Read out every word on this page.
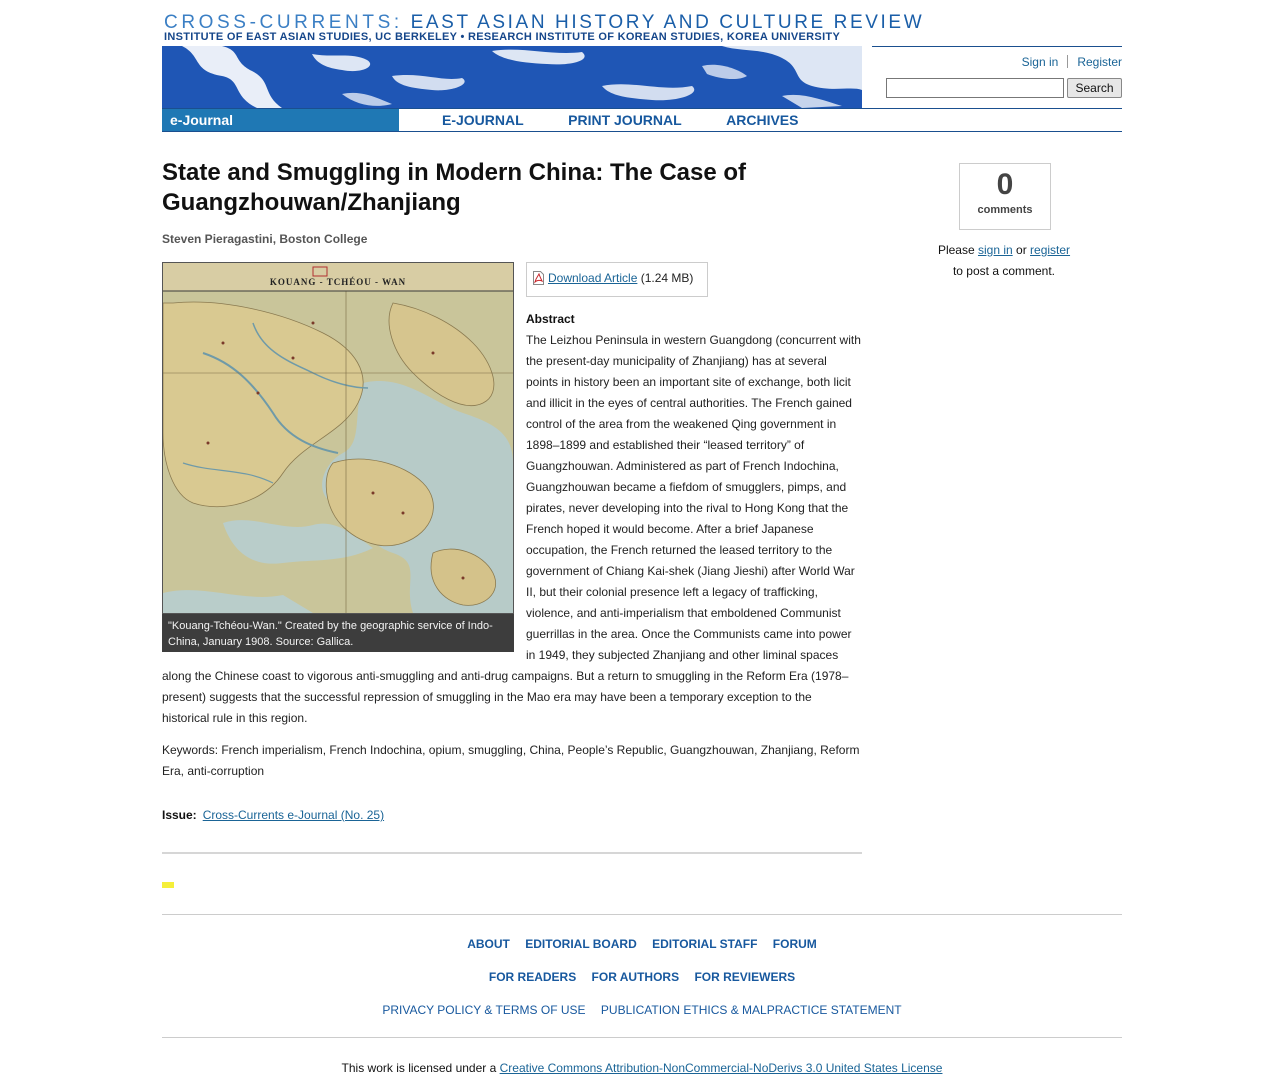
CROSS-CURRENTS: EAST ASIAN HISTORY AND CULTURE REVIEW
INSTITUTE OF EAST ASIAN STUDIES, UC BERKELEY • RESEARCH INSTITUTE OF KOREAN STUDIES, KOREA UNIVERSITY
Sign in Register
Search
e-Journal	E-JOURNAL	PRINT JOURNAL	ARCHIVES
State and Smuggling in Modern China: The Case of Guangzhouwan/Zhanjiang
Steven Pieragastini, Boston College
KOUANG - TCHÉOU - WAN
"Kouang-Tchéou-Wan." Created by the geographic service of Indo-China, January 1908. Source: Gallica.
Download Article (1.24 MB)
Abstract
The Leizhou Peninsula in western Guangdong (concurrent with the present-day municipality of Zhanjiang) has at several points in history been an important site of exchange, both licit and illicit in the eyes of central authorities. The French gained control of the area from the weakened Qing government in 1898–1899 and established their “leased territory” of Guangzhouwan. Administered as part of French Indochina, Guangzhouwan became a fiefdom of smugglers, pimps, and pirates, never developing into the rival to Hong Kong that the French hoped it would become. After a brief Japanese occupation, the French returned the leased territory to the government of Chiang Kai-shek (Jiang Jieshi) after World War II, but their colonial presence left a legacy of trafficking, violence, and anti-imperialism that emboldened Communist guerrillas in the area. Once the Communists came into power in 1949, they subjected Zhanjiang and other liminal spaces along the Chinese coast to vigorous anti-smuggling and anti-drug campaigns. But a return to smuggling in the Reform Era (1978–present) suggests that the successful repression of smuggling in the Mao era may have been a temporary exception to the historical rule in this region.
Keywords: French imperialism, French Indochina, opium, smuggling, China, People’s Republic, Guangzhouwan, Zhanjiang, Reform Era, anti-corruption
Issue: Cross-Currents e-Journal (No. 25)
0
comments
Please sign in or register
to post a comment.
ABOUT EDITORIAL BOARD EDITORIAL STAFF FORUM
FOR READERS FOR AUTHORS FOR REVIEWERS
PRIVACY POLICY & TERMS OF USE PUBLICATION ETHICS & MALPRACTICE STATEMENT
This work is licensed under a Creative Commons Attribution-NonCommercial-NoDerivs 3.0 United States License
